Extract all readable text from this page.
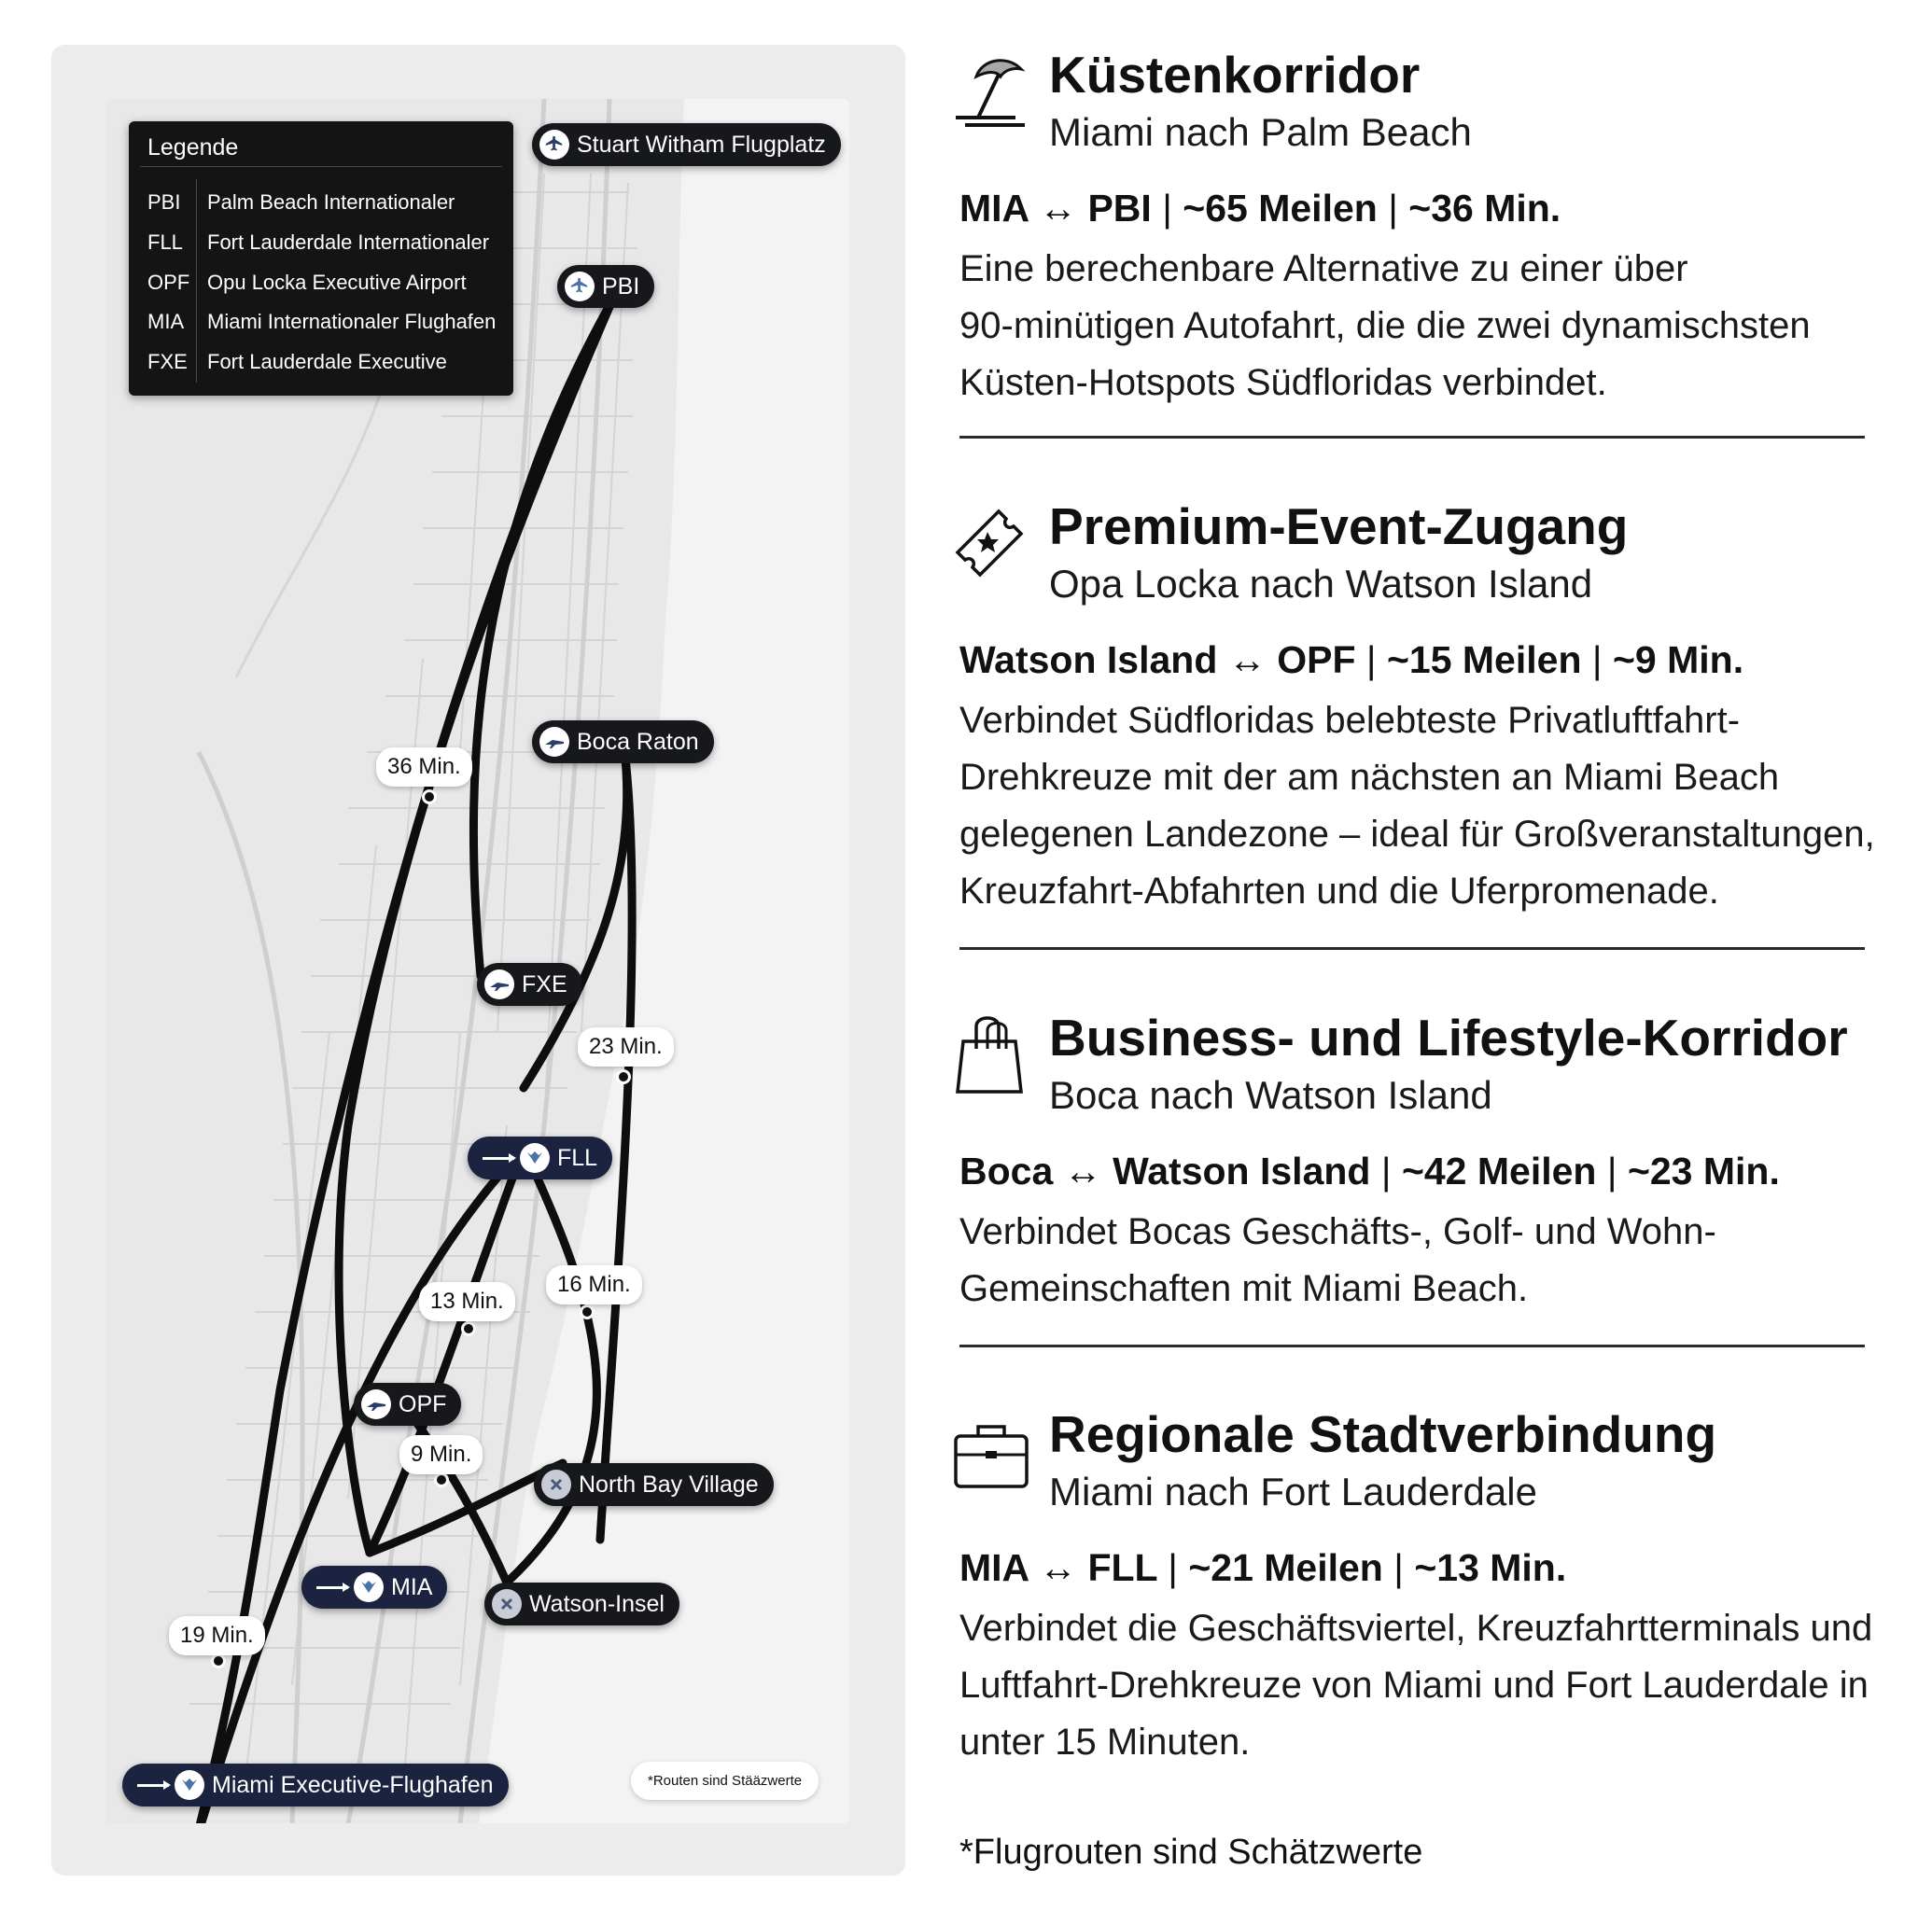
36 Min.
23 Min.
13 Min.
16 Min.
9 Min.
19 Min.
Stuart Witham Flugplatz
PBI
Boca Raton
FXE
FLL
OPF
North Bay Village
MIA
Watson-Insel
Miami Executive-Flughafen
Legende
PBI	Palm Beach Internationaler
FLL	Fort Lauderdale Internationaler
OPF Opu Locka Executive Airport
MIA	Miami Internationaler Flughafen
FXE Fort Lauderdale Executive
*Routen sind Stääzwerte
Küstenkorridor
Miami nach Palm Beach
MIA ↔ PBI | ~65 Meilen | ~36 Min.
Eine berechenbare Alternative zu einer über
90-minütigen Autofahrt, die die zwei dynamischsten
Küsten-Hotspots Südfloridas verbindet.
Premium-Event-Zugang
Opa Locka nach Watson Island
Watson Island ↔ OPF | ~15 Meilen | ~9 Min.
Verbindet Südfloridas belebteste Privatluftfahrt-
Drehkreuze mit der am nächsten an Miami Beach
gelegenen Landezone – ideal für Großveranstaltungen,
Kreuzfahrt-Abfahrten und die Uferpromenade.
Business- und Lifestyle-Korridor
Boca nach Watson Island
Boca ↔ Watson Island | ~42 Meilen | ~23 Min.
Verbindet Bocas Geschäfts-, Golf- und Wohn-
Gemeinschaften mit Miami Beach.
Regionale Stadtverbindung
Miami nach Fort Lauderdale
MIA ↔ FLL | ~21 Meilen | ~13 Min.
Verbindet die Geschäftsviertel, Kreuzfahrtterminals und
Luftfahrt-Drehkreuze von Miami und Fort Lauderdale in
unter 15 Minuten.
*Flugrouten sind Schätzwerte
